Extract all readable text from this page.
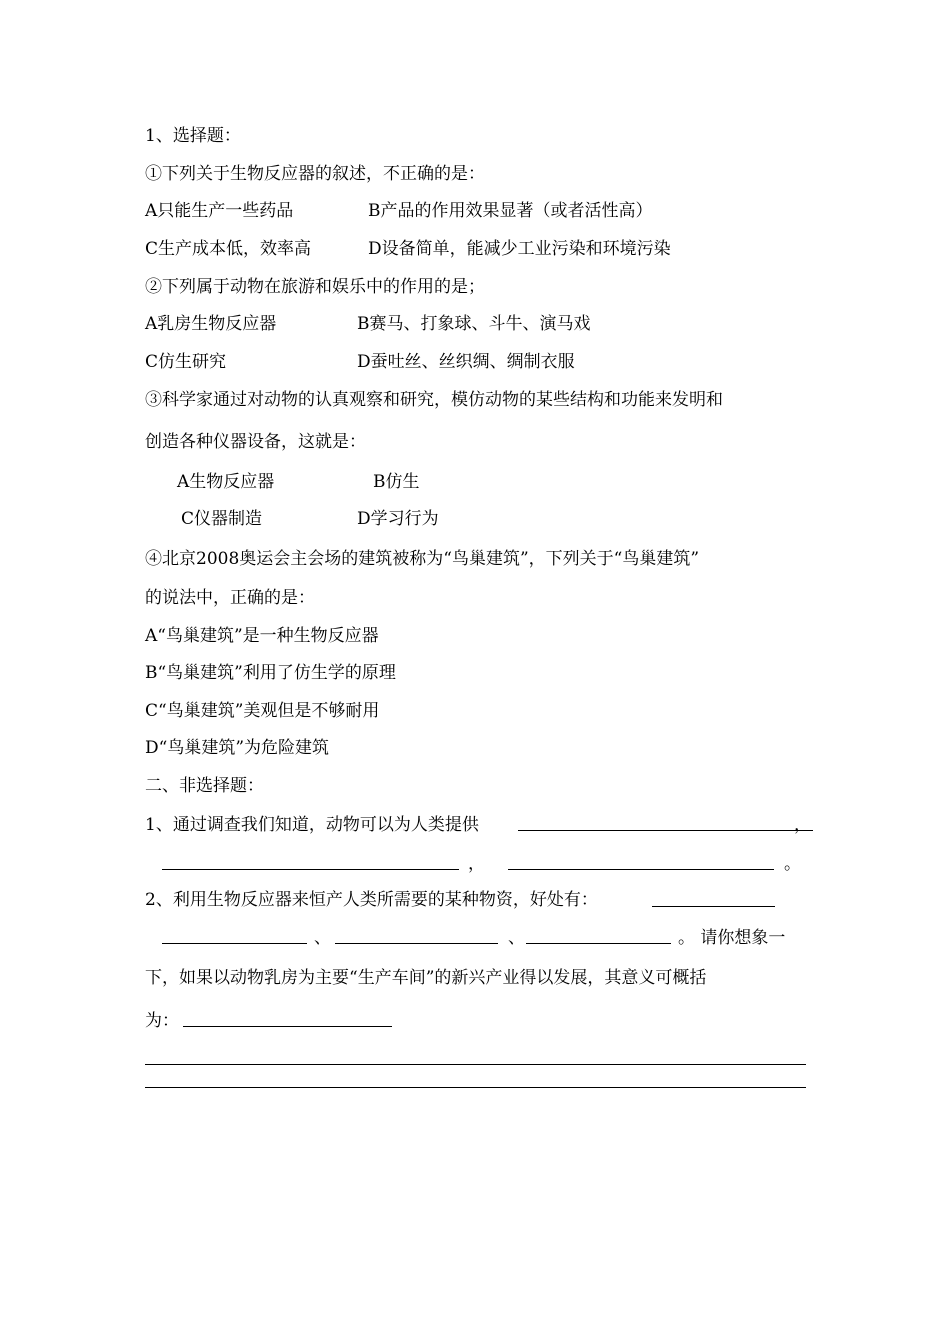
1、选择题：
①下列关于生物反应器的叙述，不正确的是：
A只能生产一些药品	B产品的作用效果显著（或者活性高）
C生产成本低，效率高	D设备简单，能减少工业污染和环境污染
②下列属于动物在旅游和娱乐中的作用的是；
A乳房生物反应器	B赛马、打象球、斗牛、演马戏
C仿生研究	D蚕吐丝、丝织绸、绸制衣服
③科学家通过对动物的认真观察和研究，模仿动物的某些结构和功能来发明和
创造各种仪器设备，这就是：
A生物反应器	B仿生
C仪器制造	D学习行为
④北京2008奥运会主会场的建筑被称为“鸟巢建筑”，下列关于“鸟巢建筑”
的说法中，正确的是：
A“鸟巢建筑”是一种生物反应器
B“鸟巢建筑”利用了仿生学的原理
C“鸟巢建筑”美观但是不够耐用
D“鸟巢建筑”为危险建筑
二、非选择题：
1、通过调查我们知道，动物可以为人类提供	，
，	。
2、利用生物反应器来恒产人类所需要的某种物资，好处有：
、	、	。 请你想象一
下，如果以动物乳房为主要“生产车间”的新兴产业得以发展，其意义可概括
为：
